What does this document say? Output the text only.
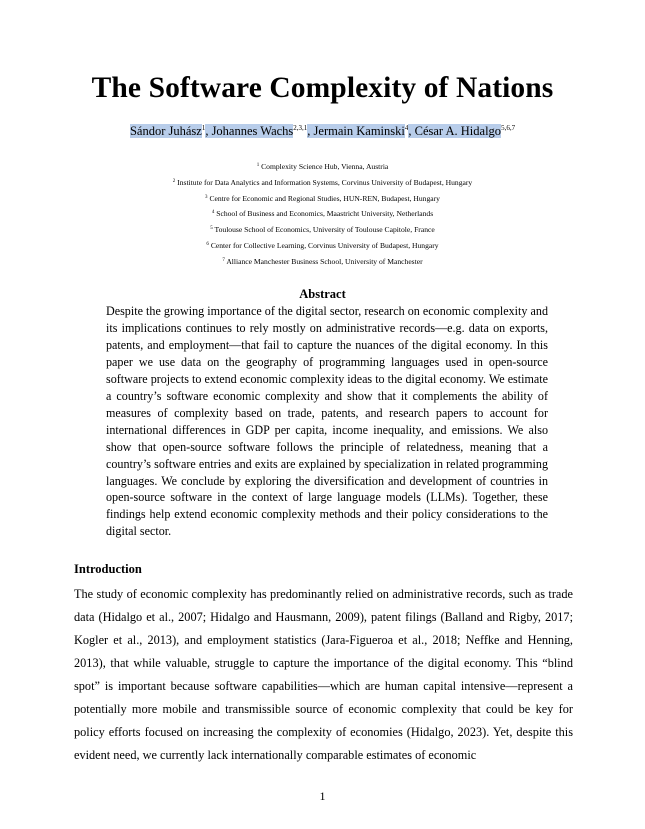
The Software Complexity of Nations
Sándor Juhász$^1$, Johannes Wachs$^{2,3,1}$, Jermain Kaminski$^4$, César A. Hidalgo$^{5,6,7}$
$^1$ Complexity Science Hub, Vienna, Austria
$^2$ Institute for Data Analytics and Information Systems, Corvinus University of Budapest, Hungary
$^3$ Centre for Economic and Regional Studies, HUN-REN, Budapest, Hungary
$^4$ School of Business and Economics, Maastricht University, Netherlands
$^5$ Toulouse School of Economics, University of Toulouse Capitole, France
$^6$ Center for Collective Learning, Corvinus University of Budapest, Hungary
$^7$ Alliance Manchester Business School, University of Manchester
Abstract
Despite the growing importance of the digital sector, research on economic complexity and its implications continues to rely mostly on administrative records—e.g. data on exports, patents, and employment—that fail to capture the nuances of the digital economy. In this paper we use data on the geography of programming languages used in open-source software projects to extend economic complexity ideas to the digital economy. We estimate a country’s software economic complexity and show that it complements the ability of measures of complexity based on trade, patents, and research papers to account for international differences in GDP per capita, income inequality, and emissions. We also show that open-source software follows the principle of relatedness, meaning that a country’s software entries and exits are explained by specialization in related programming languages. We conclude by exploring the diversification and development of countries in open-source software in the context of large language models (LLMs). Together, these findings help extend economic complexity methods and their policy considerations to the digital sector.
Introduction
The study of economic complexity has predominantly relied on administrative records, such as trade data (Hidalgo et al., 2007; Hidalgo and Hausmann, 2009), patent filings (Balland and Rigby, 2017; Kogler et al., 2013), and employment statistics (Jara-Figueroa et al., 2018; Neffke and Henning, 2013), that while valuable, struggle to capture the importance of the digital economy. This “blind spot” is important because software capabilities—which are human capital intensive—represent a potentially more mobile and transmissible source of economic complexity that could be key for policy efforts focused on increasing the complexity of economies (Hidalgo, 2023). Yet, despite this evident need, we currently lack internationally comparable estimates of economic
1
